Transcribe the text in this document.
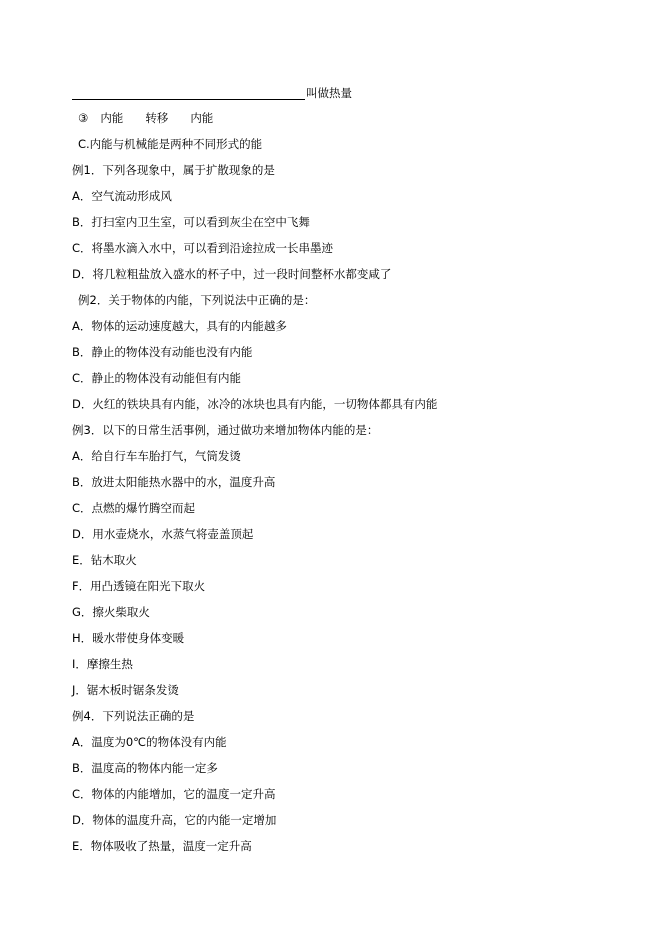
叫做热量
③ 内能 转移 内能
C.内能与机械能是两种不同形式的能
例1．下列各现象中，属于扩散现象的是
A．空气流动形成风
B．打扫室内卫生室，可以看到灰尘在空中飞舞
C．将墨水滴入水中，可以看到沿途拉成一长串墨迹
D．将几粒粗盐放入盛水的杯子中，过一段时间整杯水都变咸了
例2．关于物体的内能，下列说法中正确的是：
A．物体的运动速度越大，具有的内能越多
B．静止的物体没有动能也没有内能
C．静止的物体没有动能但有内能
D．火红的铁块具有内能，冰冷的冰块也具有内能，一切物体都具有内能
例3．以下的日常生活事例，通过做功来增加物体内能的是：
A．给自行车车胎打气，气筒发烫
B．放进太阳能热水器中的水，温度升高
C．点燃的爆竹腾空而起
D．用水壶烧水，水蒸气将壶盖顶起
E．钻木取火
F．用凸透镜在阳光下取火
G．擦火柴取火
H．暖水带使身体变暖
I．摩擦生热
J．锯木板时锯条发烫
例4．下列说法正确的是
A．温度为0℃的物体没有内能
B．温度高的物体内能一定多
C．物体的内能增加，它的温度一定升高
D．物体的温度升高，它的内能一定增加
E．物体吸收了热量，温度一定升高
